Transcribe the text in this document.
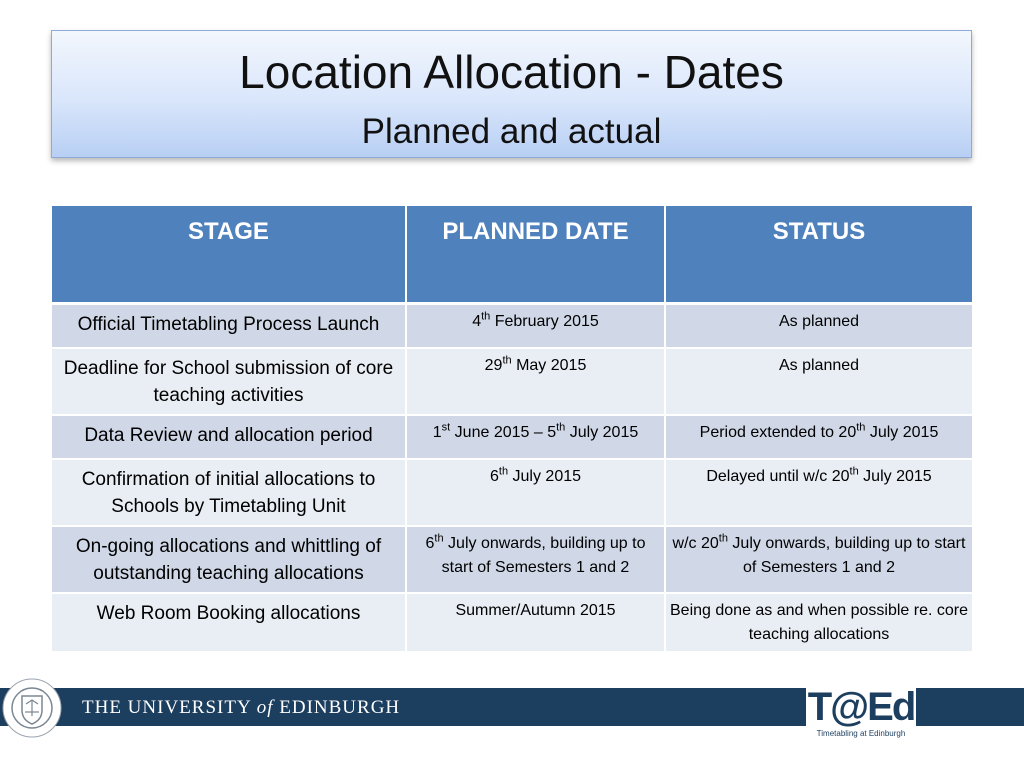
Location Allocation - Dates
Planned and actual
STAGE	PLANNED DATE	STATUS
Official Timetabling Process Launch	4th February 2015	As planned
Deadline for School submission of core teaching activities	29th May 2015	As planned
Data Review and allocation period	1st June 2015 – 5th July 2015	Period extended to 20th July 2015
Confirmation of initial allocations to Schools by Timetabling Unit	6th July 2015	Delayed until w/c 20th July 2015
On-going allocations and whittling of outstanding teaching allocations	6th July onwards, building up to start of Semesters 1 and 2	w/c 20th July onwards, building up to start of Semesters 1 and 2
Web Room Booking allocations	Summer/Autumn 2015	Being done as and when possible re. core teaching allocations
THE UNIVERSITY of EDINBURGH	T@Ed
Timetabling at Edinburgh
